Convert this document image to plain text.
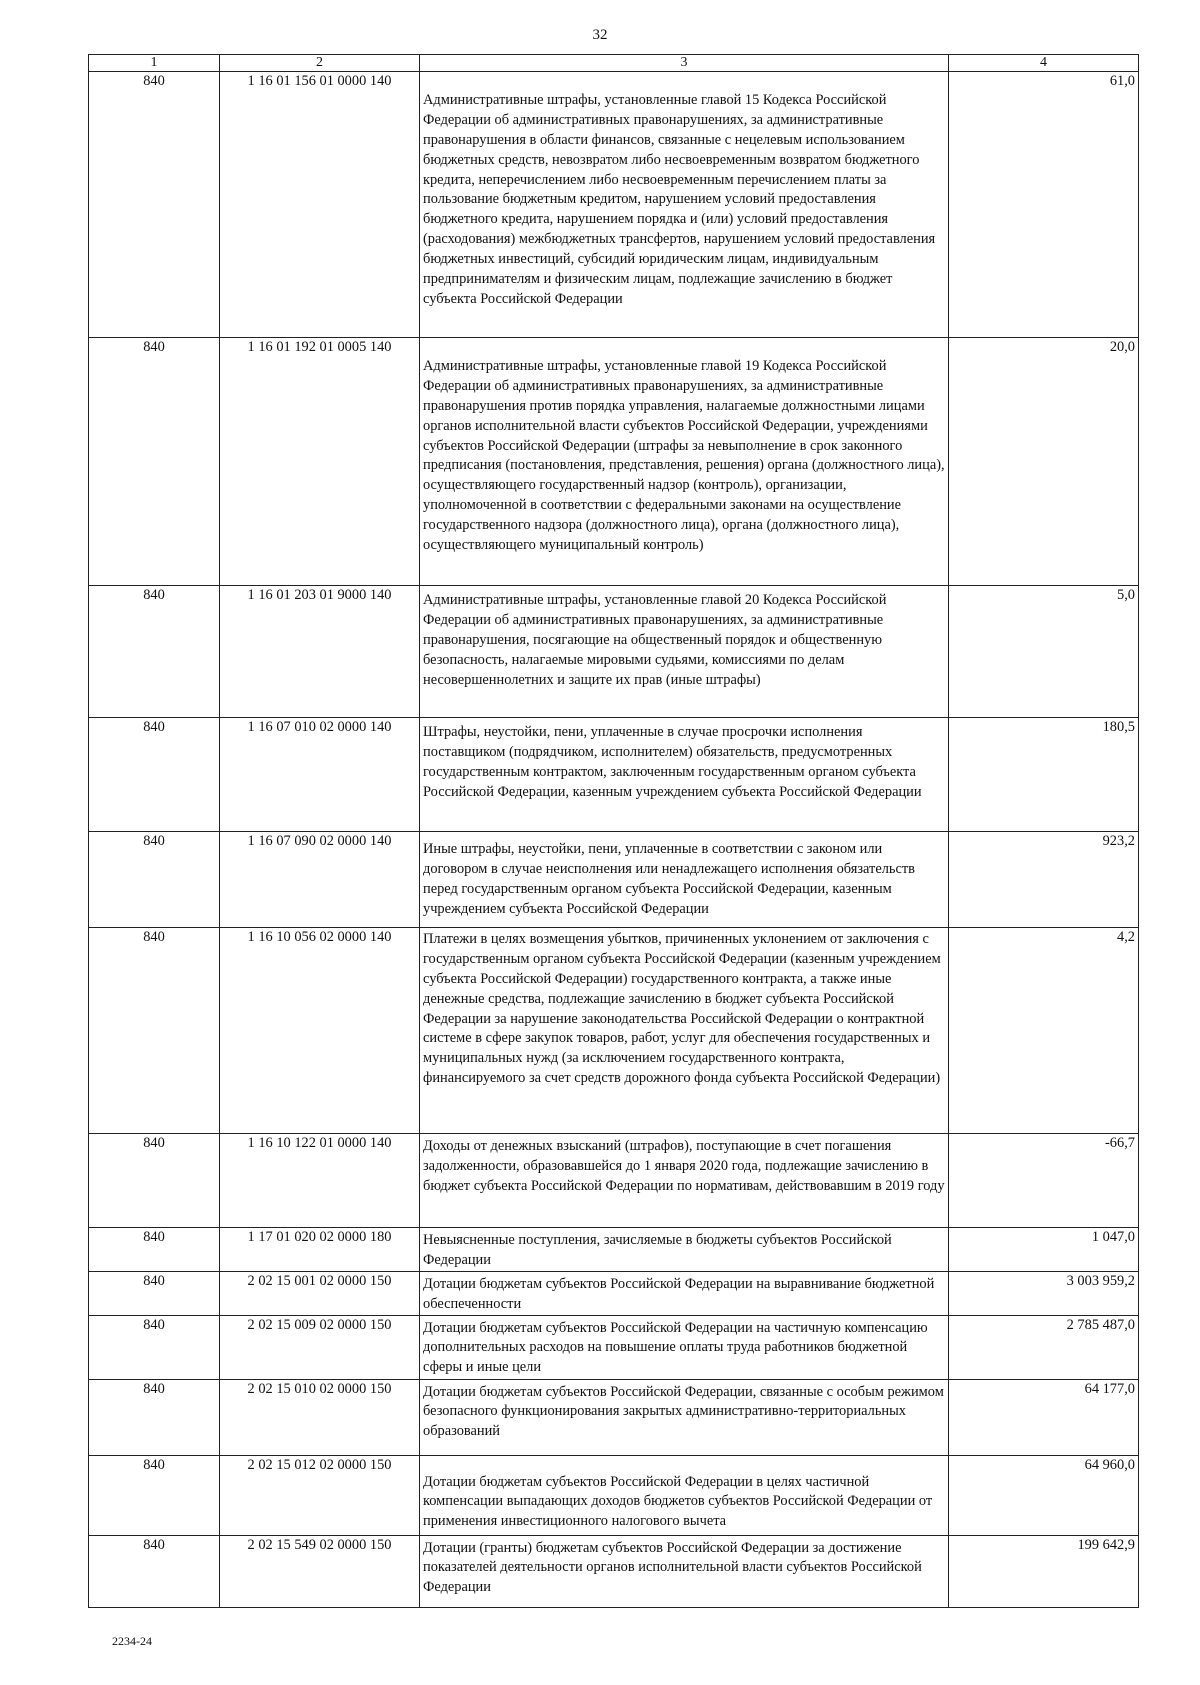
32
1	2	3	4

840	1 16 01 156 01 0000 140	Административные штрафы, установленные главой 15 Кодекса Российской Федерации об административных правонарушениях, за административные правонарушения в области финансов, связанные с нецелевым использованием бюджетных средств, невозвратом либо несвоевременным возвратом бюджетного кредита, неперечислением либо несвоевременным перечислением платы за пользование бюджетным кредитом, нарушением условий предоставления бюджетного кредита, нарушением порядка и (или) условий предоставления (расходования) межбюджетных трансфертов, нарушением условий предоставления бюджетных инвестиций, субсидий юридическим лицам, индивидуальным предпринимателям и физическим лицам, подлежащие зачислению в бюджет субъекта Российской Федерации	61,0

840	1 16 01 192 01 0005 140	Административные штрафы, установленные главой 19 Кодекса Российской Федерации об административных правонарушениях, за административные правонарушения против порядка управления, налагаемые должностными лицами органов исполнительной власти субъектов Российской Федерации, учреждениями субъектов Российской Федерации (штрафы за невыполнение в срок законного предписания (постановления, представления, решения) органа (должностного лица), осуществляющего государственный надзор (контроль), организации, уполномоченной в соответствии с федеральными законами на осуществление государственного надзора (должностного лица), органа (должностного лица), осуществляющего муниципальный контроль)	20,0

840	1 16 01 203 01 9000 140	Административные штрафы, установленные главой 20 Кодекса Российской Федерации об административных правонарушениях, за административные правонарушения, посягающие на общественный порядок и общественную безопасность, налагаемые мировыми судьями, комиссиями по делам несовершеннолетних и защите их прав (иные штрафы)	5,0

840	1 16 07 010 02 0000 140	Штрафы, неустойки, пени, уплаченные в случае просрочки исполнения поставщиком (подрядчиком, исполнителем) обязательств, предусмотренных государственным контрактом, заключенным государственным органом субъекта Российской Федерации, казенным учреждением субъекта Российской Федерации	180,5

840	1 16 07 090 02 0000 140	Иные штрафы, неустойки, пени, уплаченные в соответствии с законом или договором в случае неисполнения или ненадлежащего исполнения обязательств перед государственным органом субъекта Российской Федерации, казенным учреждением субъекта Российской Федерации	923,2

840	1 16 10 056 02 0000 140	Платежи в целях возмещения убытков, причиненных уклонением от заключения с государственным органом субъекта Российской Федерации (казенным учреждением субъекта Российской Федерации) государственного контракта, а также иные денежные средства, подлежащие зачислению в бюджет субъекта Российской Федерации за нарушение законодательства Российской Федерации о контрактной системе в сфере закупок товаров, работ, услуг для обеспечения государственных и муниципальных нужд (за исключением государственного контракта, финансируемого за счет средств дорожного фонда субъекта Российской Федерации)	4,2

840	1 16 10 122 01 0000 140	Доходы от денежных взысканий (штрафов), поступающие в счет погашения задолженности, образовавшейся до 1 января 2020 года, подлежащие зачислению в бюджет субъекта Российской Федерации по нормативам, действовавшим в 2019 году	-66,7

840	1 17 01 020 02 0000 180	Невыясненные поступления, зачисляемые в бюджеты субъектов Российской Федерации	1 047,0

840	2 02 15 001 02 0000 150	Дотации бюджетам субъектов Российской Федерации на выравнивание бюджетной обеспеченности	3 003 959,2

840	2 02 15 009 02 0000 150	Дотации бюджетам субъектов Российской Федерации на частичную компенсацию дополнительных расходов на повышение оплаты труда работников бюджетной сферы и иные цели	2 785 487,0

840	2 02 15 010 02 0000 150	Дотации бюджетам субъектов Российской Федерации, связанные с особым режимом безопасного функционирования закрытых административно-территориальных образований	64 177,0

840	2 02 15 012 02 0000 150	Дотации бюджетам субъектов Российской Федерации в целях частичной компенсации выпадающих доходов бюджетов субъектов Российской Федерации от применения инвестиционного налогового вычета	64 960,0

840	2 02 15 549 02 0000 150	Дотации (гранты) бюджетам субъектов Российской Федерации за достижение показателей деятельности органов исполнительной власти субъектов Российской Федерации	199 642,9
2234-24
